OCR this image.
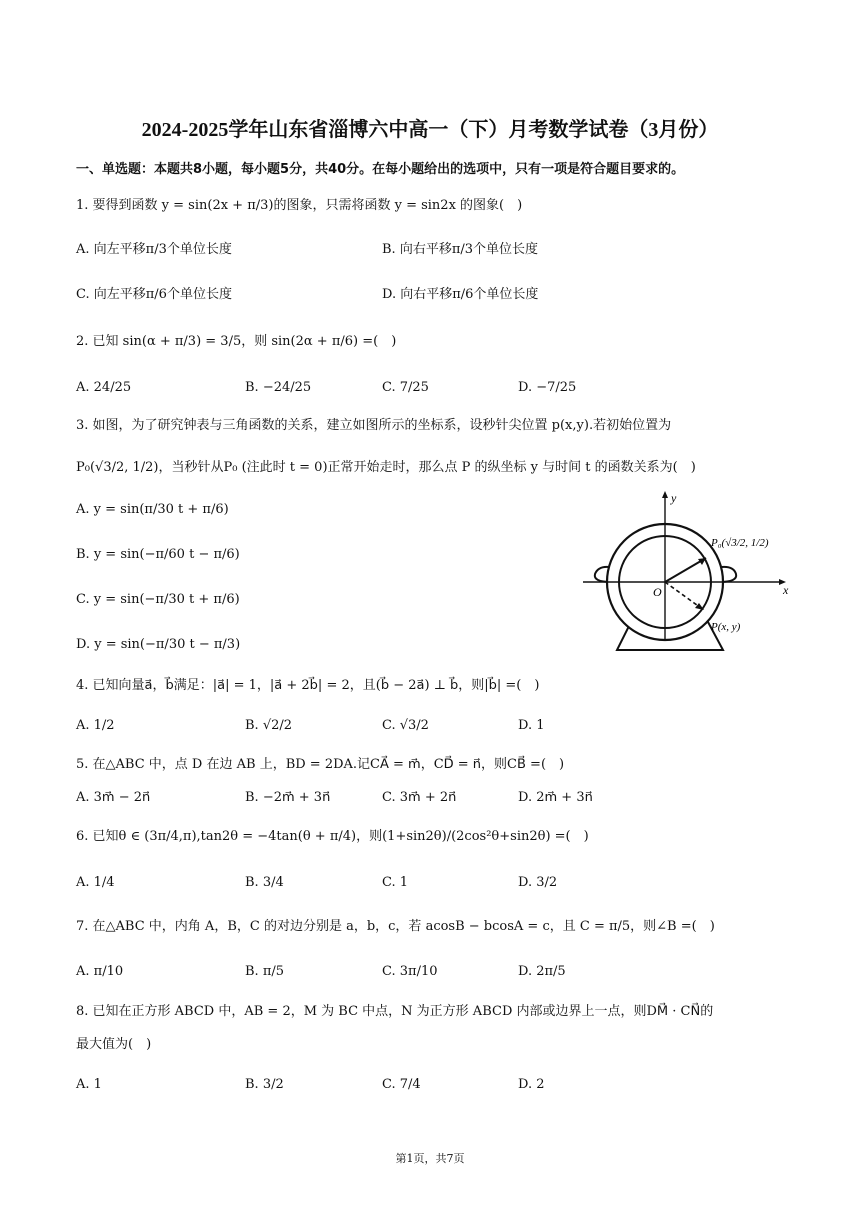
2024-2025学年山东省淄博六中高一（下）月考数学试卷（3月份）
一、单选题：本题共8小题，每小题5分，共40分。在每小题给出的选项中，只有一项是符合题目要求的。
1. 要得到函数 y = sin(2x + π/3)的图象，只需将函数 y = sin2x 的图象(　)
A. 向左平移π/3个单位长度	B. 向右平移π/3个单位长度
C. 向左平移π/6个单位长度	D. 向右平移π/6个单位长度
2. 已知 sin(α + π/3) = 3/5，则 sin(2α + π/6) =(　)
A. 24/25	B. −24/25	C. 7/25	D. −7/25
3. 如图，为了研究钟表与三角函数的关系，建立如图所示的坐标系，设秒针尖位置 p(x,y).若初始位置为
P₀(√3/2, 1/2)，当秒针从P₀ (注此时 t = 0)正常开始走时，那么点 P 的纵坐标 y 与时间 t 的函数关系为(　)
A. y = sin(π/30 t + π/6)
B. y = sin(−π/60 t − π/6)
C. y = sin(−π/30 t + π/6)
D. y = sin(−π/30 t − π/3)
x
y
O
P₀(√3/2, 1/2)
P(x, y)
4. 已知向量a⃗，b⃗满足：|a⃗| = 1，|a⃗ + 2b⃗| = 2，且(b⃗ − 2a⃗) ⊥ b⃗，则|b⃗| =(　)
A. 1/2	B. √2/2	C. √3/2	D. 1
5. 在△ABC 中，点 D 在边 AB 上，BD = 2DA.记CA⃗ = m⃗，CD⃗ = n⃗，则CB⃗ =(　)
A. 3m⃗ − 2n⃗	B. −2m⃗ + 3n⃗	C. 3m⃗ + 2n⃗	D. 2m⃗ + 3n⃗
6. 已知θ ∈ (3π/4,π),tan2θ = −4tan(θ + π/4)，则(1+sin2θ)/(2cos²θ+sin2θ) =(　)
A. 1/4	B. 3/4	C. 1	D. 3/2
7. 在△ABC 中，内角 A，B，C 的对边分别是 a，b，c，若 acosB − bcosA = c，且 C = π/5，则∠B =(　)
A. π/10	B. π/5	C. 3π/10	D. 2π/5
8. 已知在正方形 ABCD 中，AB = 2，M 为 BC 中点，N 为正方形 ABCD 内部或边界上一点，则DM⃗ · CN⃗的
最大值为(　)
A. 1	B. 3/2	C. 7/4	D. 2
第1页，共7页
